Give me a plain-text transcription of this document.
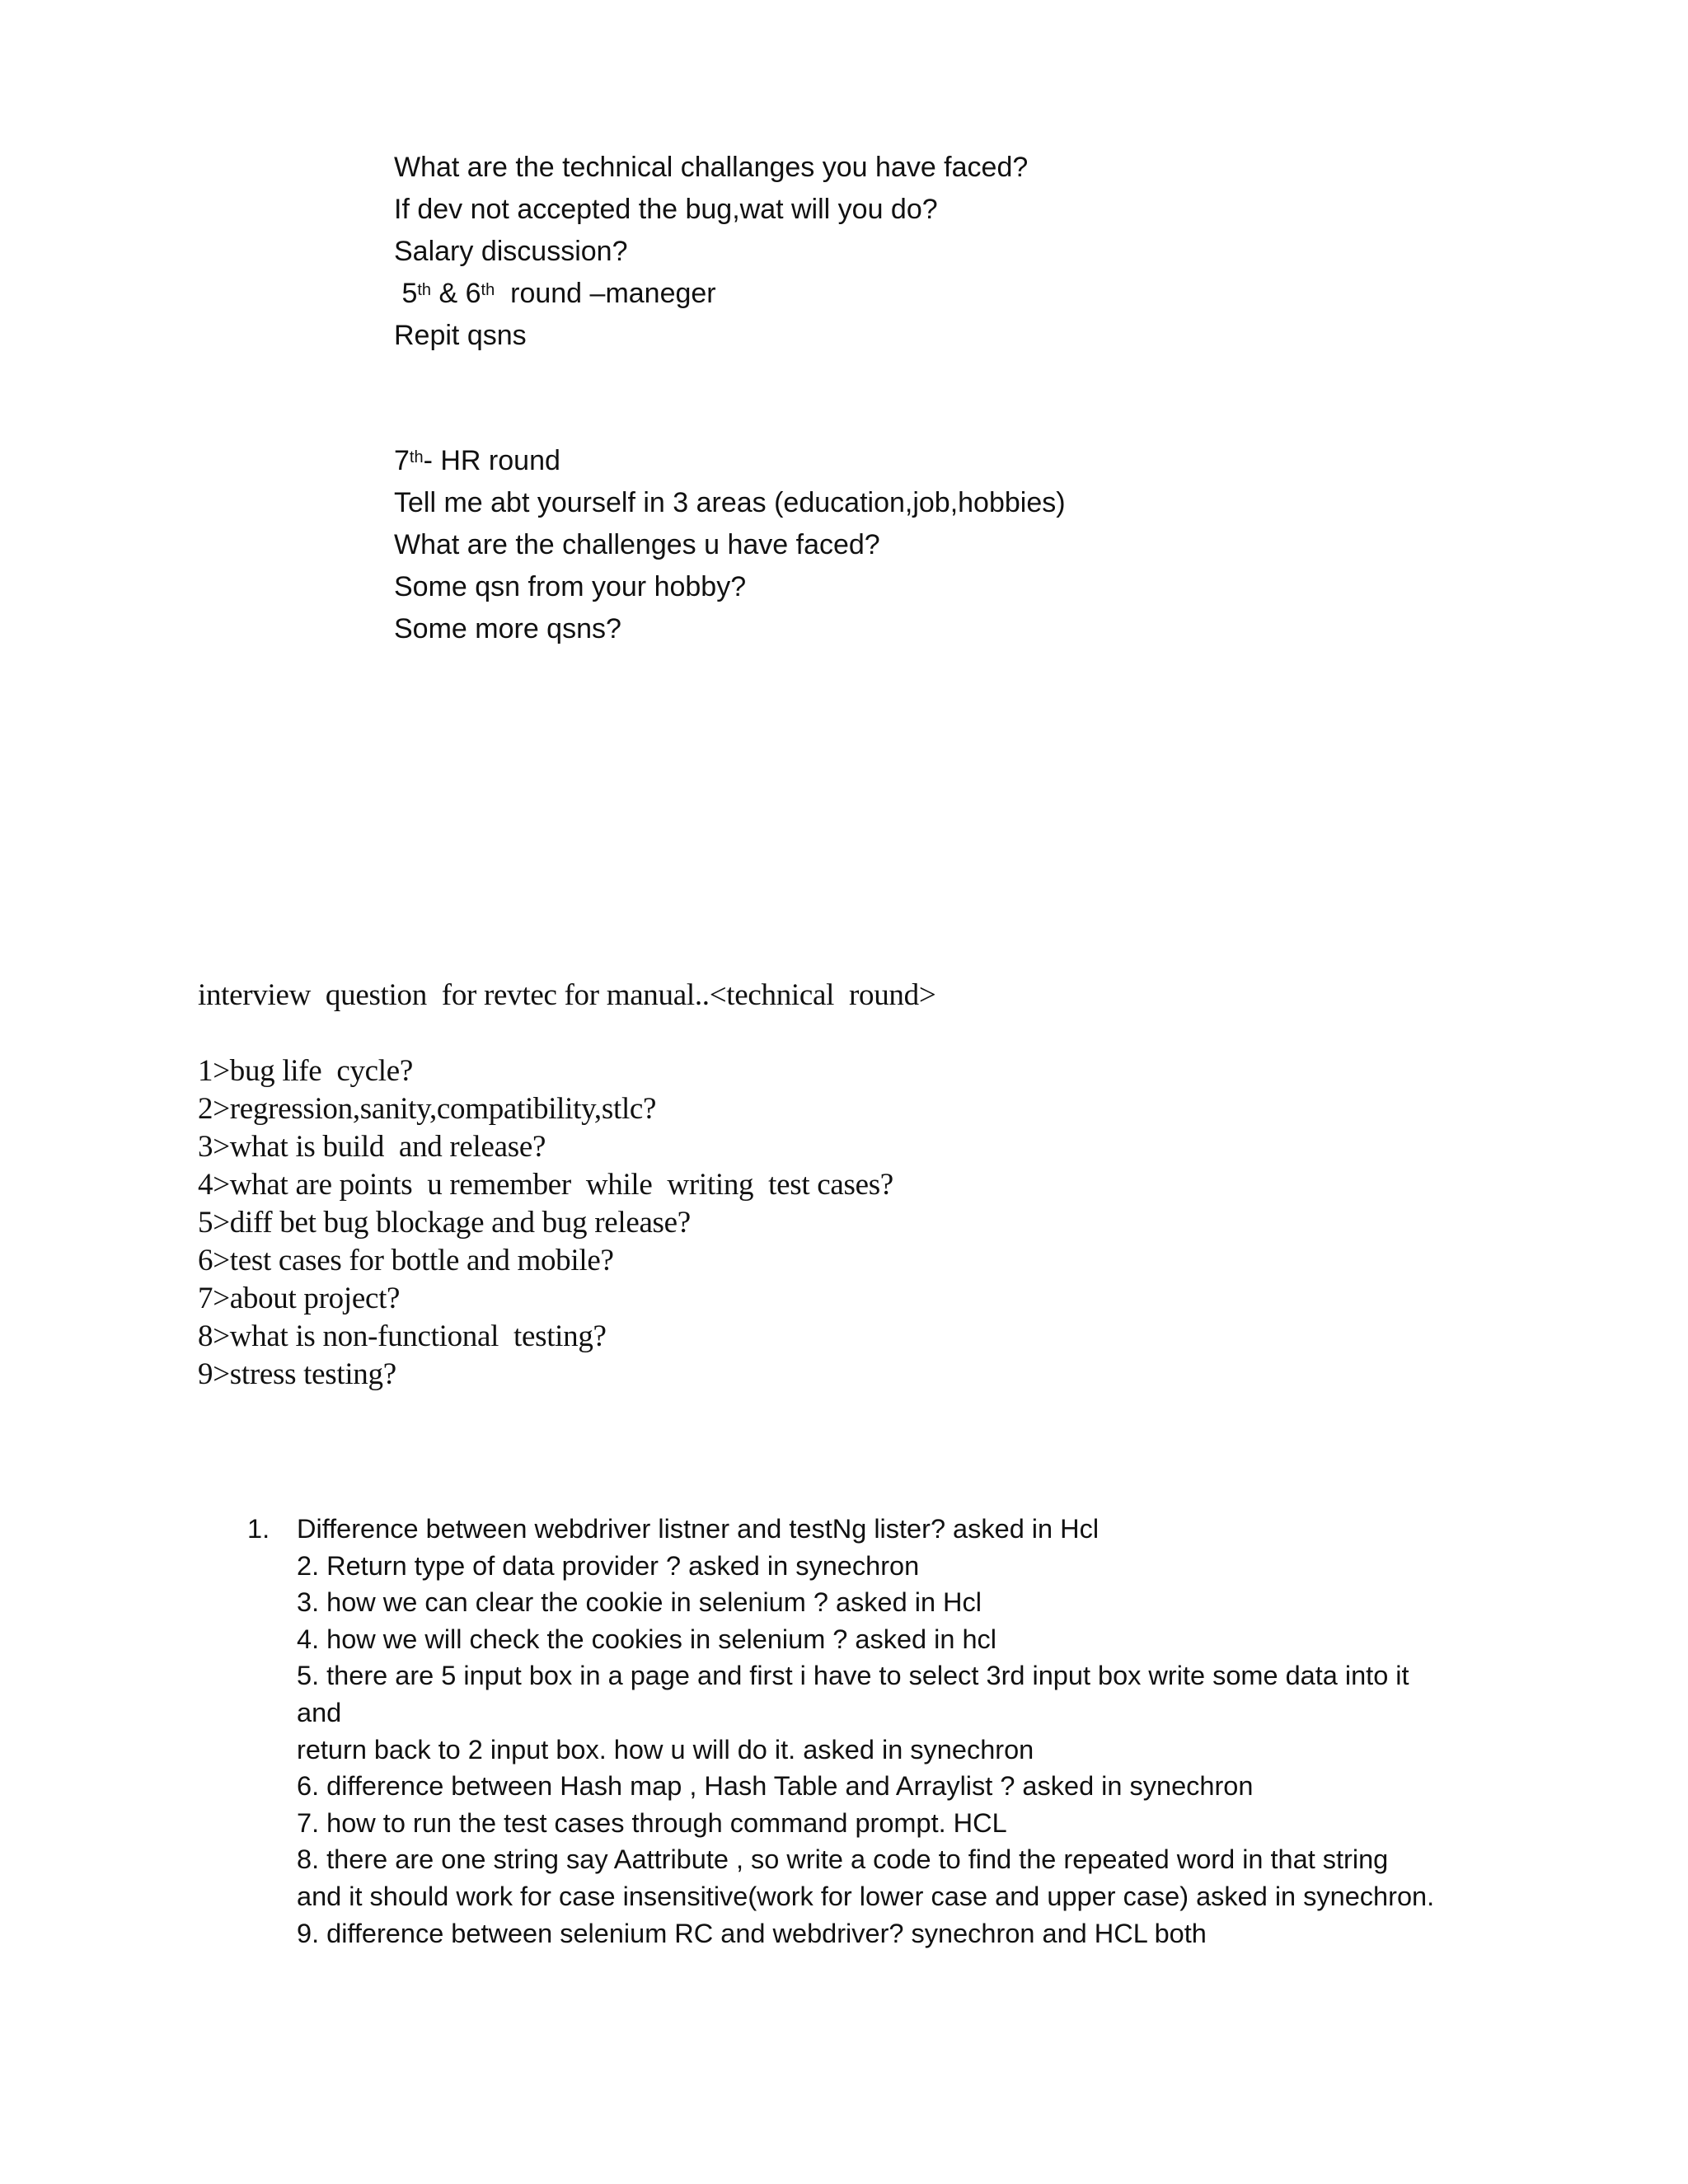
What are the technical challanges you have faced?
If dev not accepted the bug,wat will you do?
Salary discussion?
5th & 6th  round –maneger
Repit qsns
7th- HR round
Tell me abt yourself in 3 areas (education,job,hobbies)
What are the challenges u have faced?
Some qsn from your hobby?
Some more qsns?
interview  question  for revtec for manual..<technical  round>
1>bug life  cycle?
2>regression,sanity,compatibility,stlc?
3>what is build  and release?
4>what are points  u remember  while  writing  test cases?
5>diff bet bug blockage and bug release?
6>test cases for bottle and mobile?
7>about project?
8>what is non-functional  testing?
9>stress testing?
1. Difference between webdriver listner and testNg lister? asked in Hcl
2. Return type of data provider ? asked in synechron
3. how we can clear the cookie in selenium ? asked in Hcl
4. how we will check the cookies in selenium ? asked in hcl
5. there are 5 input box in a page and first i have to select 3rd input box write some data into it
and
return back to 2 input box. how u will do it. asked in synechron
6. difference between Hash map , Hash Table and Arraylist ? asked in synechron
7. how to run the test cases through command prompt. HCL
8. there are one string say Aattribute , so write a code to find the repeated word in that string
and it should work for case insensitive(work for lower case and upper case) asked in synechron.
9. difference between selenium RC and webdriver? synechron and HCL both
